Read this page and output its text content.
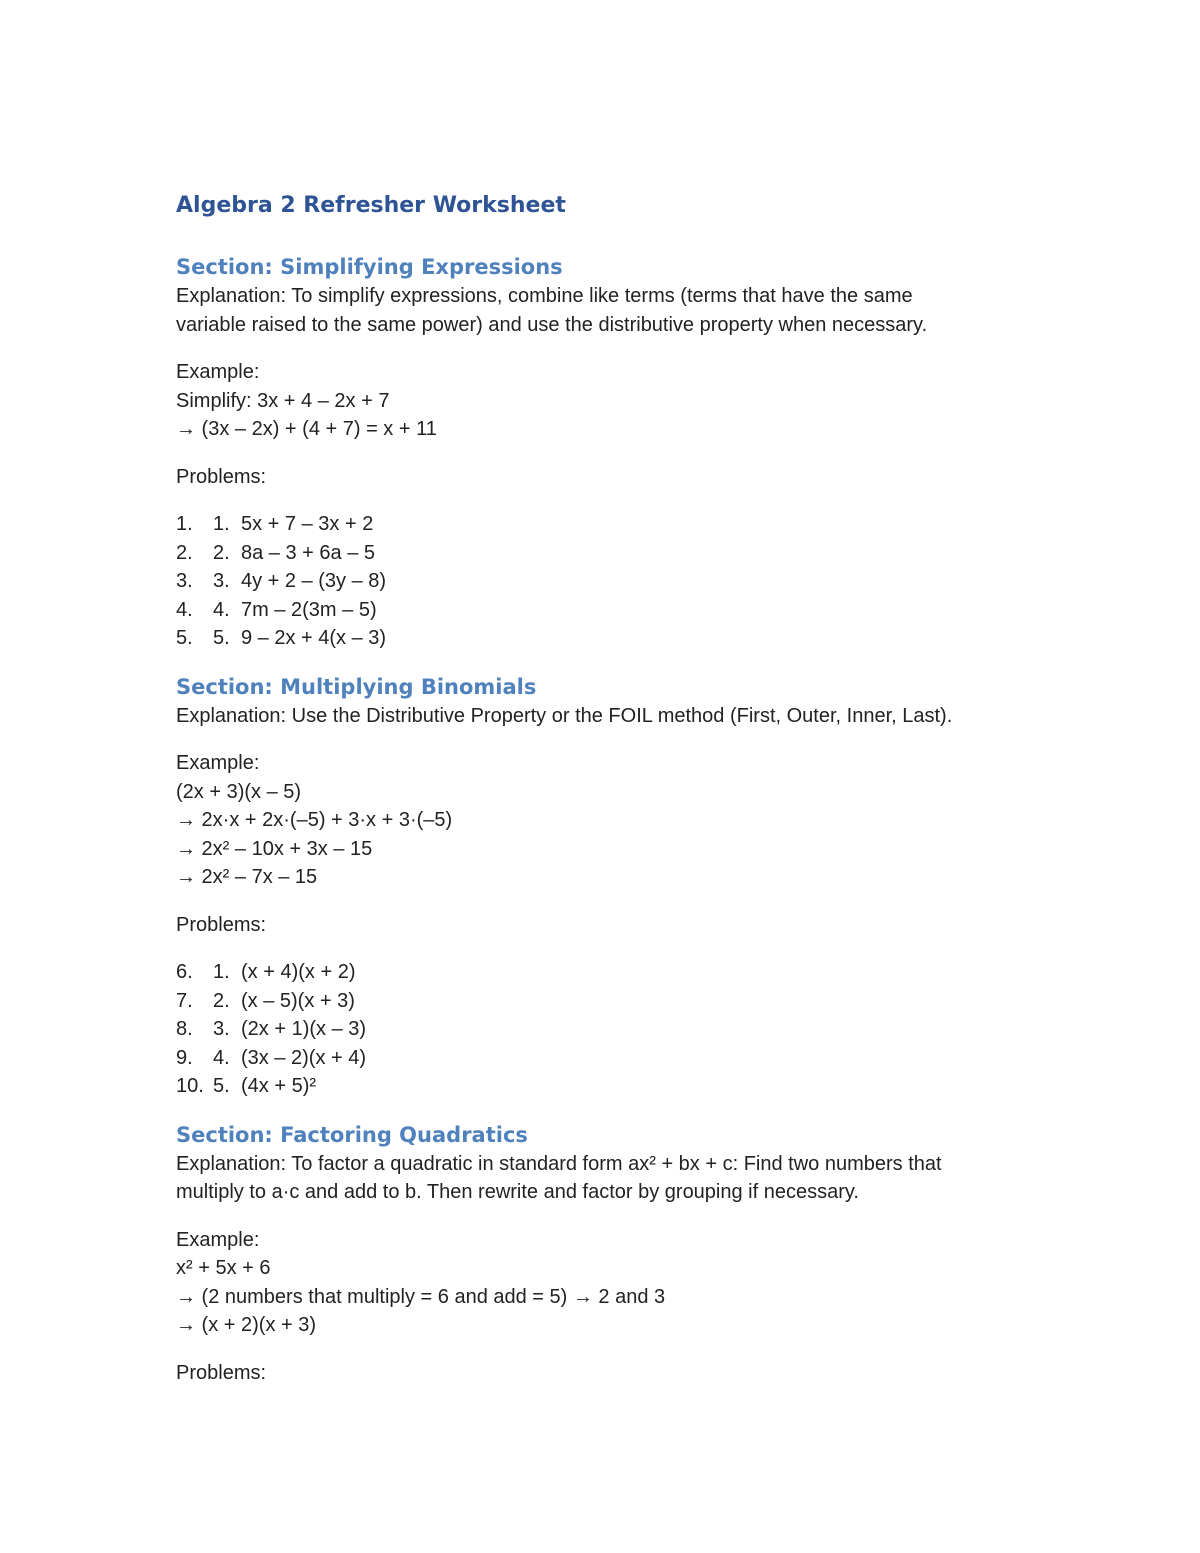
Algebra 2 Refresher Worksheet
Section: Simplifying Expressions

Explanation: To simplify expressions, combine like terms (terms that have the same

variable raised to the same power) and use the distributive property when necessary.

Example:

Simplify: 3x + 4 – 2x + 7

→ (3x – 2x) + (4 + 7) = x + 11

Problems:

1.	1. 5x + 7 – 3x + 2
2.	2. 8a – 3 + 6a – 5
3.	3. 4y + 2 – (3y – 8)
4.	4. 7m – 2(3m – 5)
5.	5. 9 – 2x + 4(x – 3)
Section: Multiplying Binomials

Explanation: Use the Distributive Property or the FOIL method (First, Outer, Inner, Last).

Example:

(2x + 3)(x – 5)

→ 2x·x + 2x·(–5) + 3·x + 3·(–5)

→ 2x² – 10x + 3x – 15

→ 2x² – 7x – 15

Problems:

6.	1. (x + 4)(x + 2)
7.	2. (x – 5)(x + 3)
8.	3. (2x + 1)(x – 3)
9.	4. (3x – 2)(x + 4)
10. 5. (4x + 5)²
Section: Factoring Quadratics

Explanation: To factor a quadratic in standard form ax² + bx + c: Find two numbers that

multiply to a·c and add to b. Then rewrite and factor by grouping if necessary.

Example:

x² + 5x + 6

→ (2 numbers that multiply = 6 and add = 5) → 2 and 3

→ (x + 2)(x + 3)

Problems:
